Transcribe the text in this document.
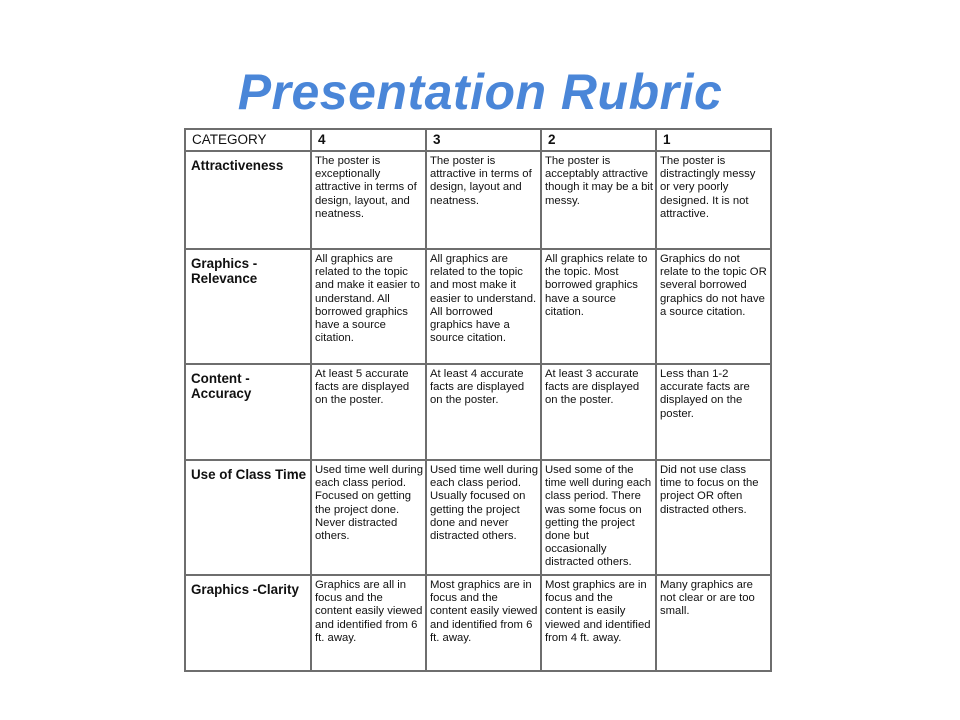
Presentation Rubric
CATEGORY	4	3	2	1
Attractiveness	The poster is exceptionally attractive in terms of design, layout, and neatness.	The poster is attractive in terms of design, layout and neatness.	The poster is acceptably attractive though it may be a bit messy.	The poster is distractingly messy or very poorly designed. It is not attractive.
Graphics - Relevance	All graphics are related to the topic and make it easier to understand. All borrowed graphics have a source citation.	All graphics are related to the topic and most make it easier to understand. All borrowed graphics have a source citation.	All graphics relate to the topic. Most borrowed graphics have a source citation.	Graphics do not relate to the topic OR several borrowed graphics do not have a source citation.
Content - Accuracy	At least 5 accurate facts are displayed on the poster.	At least 4 accurate facts are displayed on the poster.	At least 3 accurate facts are displayed on the poster.	Less than 1-2 accurate facts are displayed on the poster.
Use of Class Time	Used time well during each class period. Focused on getting the project done. Never distracted others.	Used time well during each class period. Usually focused on getting the project done and never distracted others.	Used some of the time well during each class period. There was some focus on getting the project done but occasionally distracted others.	Did not use class time to focus on the project OR often distracted others.
Graphics -Clarity	Graphics are all in focus and the content easily viewed and identified from 6 ft. away.	Most graphics are in focus and the content easily viewed and identified from 6 ft. away.	Most graphics are in focus and the content is easily viewed and identified from 4 ft. away.	Many graphics are not clear or are too small.
